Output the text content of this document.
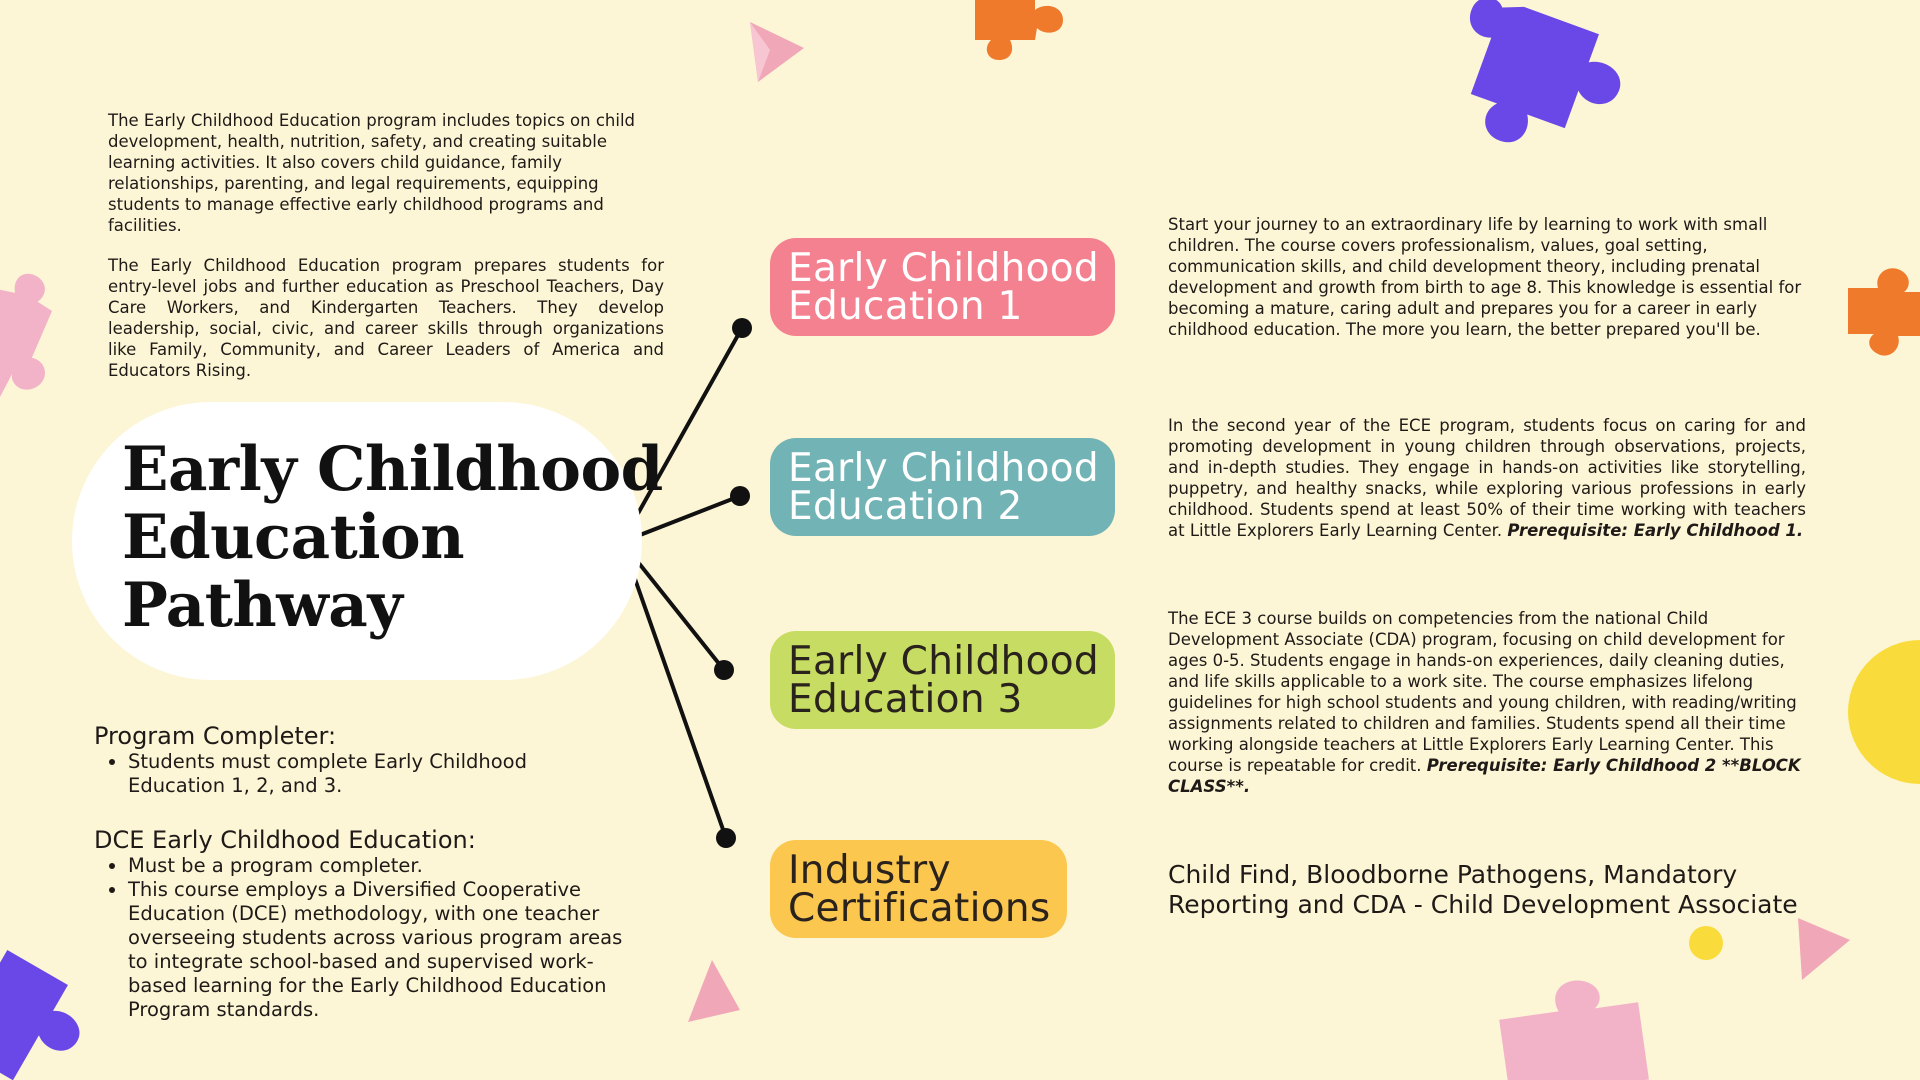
The Early Childhood Education program includes topics on child development, health, nutrition, safety, and creating suitable learning activities. It also covers child guidance, family relationships, parenting, and legal requirements, equipping students to manage effective early childhood programs and facilities.

The Early Childhood Education program prepares students for entry-level jobs and further education as Preschool Teachers, Day Care Workers, and Kindergarten Teachers. They develop leadership, social, civic, and career skills through organizations like Family, Community, and Career Leaders of America and Educators Rising.

Early Childhood
Education
Pathway
Program Completer:
• Students must complete Early Childhood Education 1, 2, and 3.
DCE Early Childhood Education:
• Must be a program completer.
• This course employs a Diversified Cooperative Education (DCE) methodology, with one teacher overseeing students across various program areas to integrate school-based and supervised work-based learning for the Early Childhood Education Program standards.
Early Childhood
Education 1
Early Childhood
Education 2
Early Childhood
Education 3
Industry
Certifications

Start your journey to an extraordinary life by learning to work with small children. The course covers professionalism, values, goal setting, communication skills, and child development theory, including prenatal development and growth from birth to age 8. This knowledge is essential for becoming a mature, caring adult and prepares you for a career in early childhood education. The more you learn, the better prepared you'll be.

In the second year of the ECE program, students focus on caring for and promoting development in young children through observations, projects, and in-depth studies. They engage in hands-on activities like storytelling, puppetry, and healthy snacks, while exploring various professions in early childhood. Students spend at least 50% of their time working with teachers at Little Explorers Early Learning Center. Prerequisite: Early Childhood 1.

The ECE 3 course builds on competencies from the national Child Development Associate (CDA) program, focusing on child development for ages 0-5. Students engage in hands-on experiences, daily cleaning duties, and life skills applicable to a work site. The course emphasizes lifelong guidelines for high school students and young children, with reading/writing assignments related to children and families. Students spend all their time working alongside teachers at Little Explorers Early Learning Center. This course is repeatable for credit. Prerequisite: Early Childhood 2 **BLOCK CLASS**.

Child Find, Bloodborne Pathogens, Mandatory Reporting and CDA - Child Development Associate
